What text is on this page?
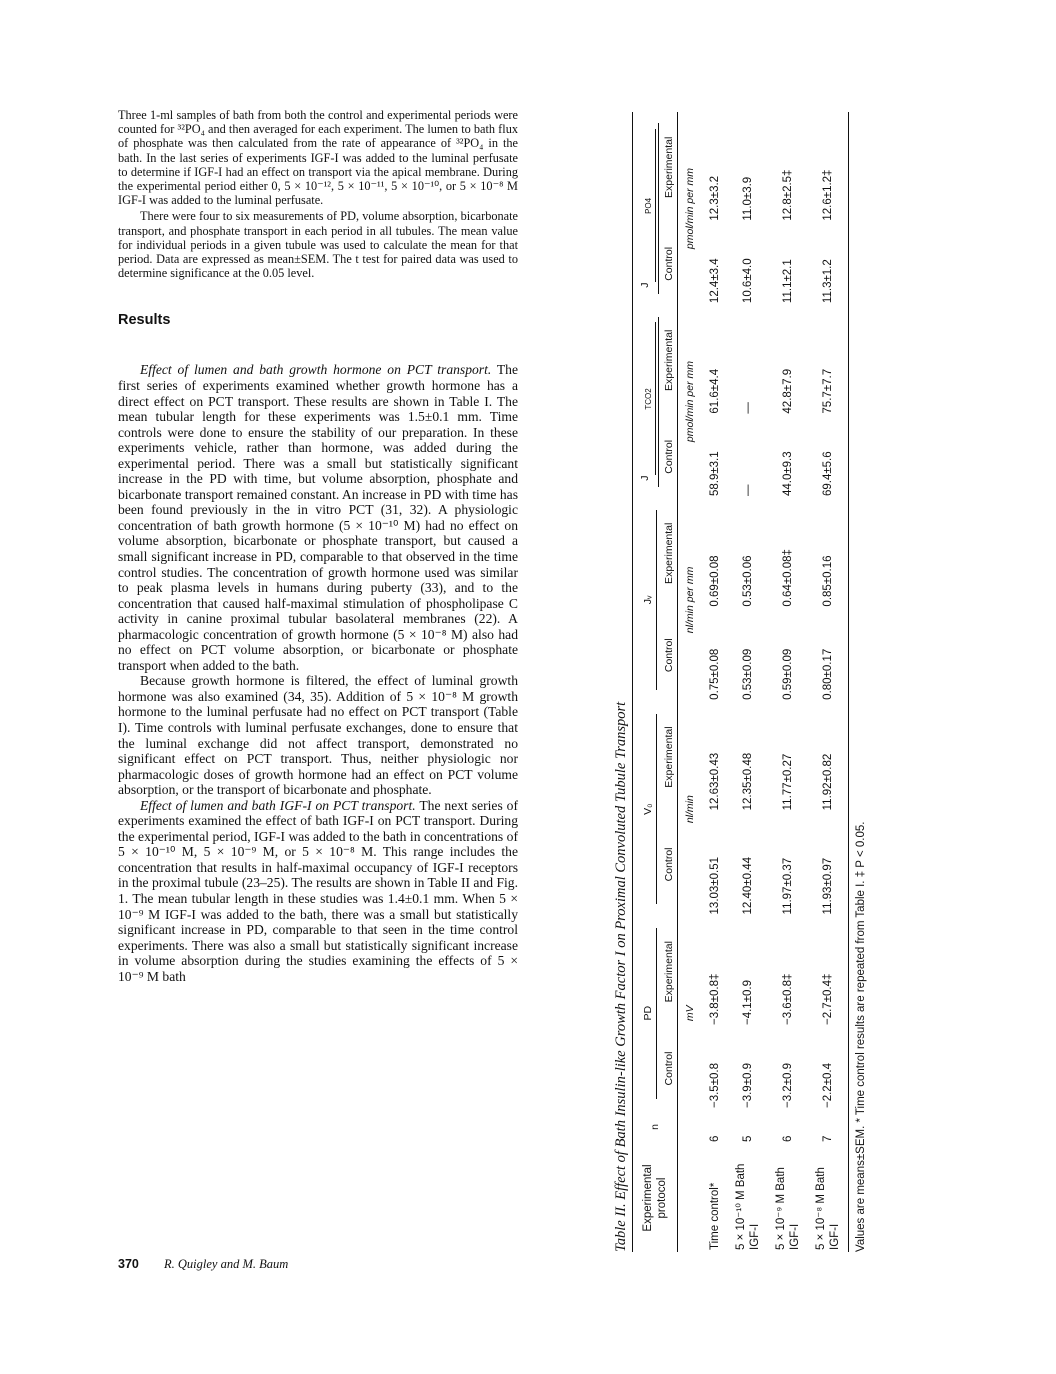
Three 1-ml samples of bath from both the control and experimental periods were counted for ³²PO₄ and then averaged for each experiment. The lumen to bath flux of phosphate was then calculated from the rate of appearance of ³²PO₄ in the bath. In the last series of experiments IGF-I was added to the luminal perfusate to determine if IGF-I had an effect on transport via the apical membrane. During the experimental period either 0, 5 × 10⁻¹², 5 × 10⁻¹¹, 5 × 10⁻¹⁰, or 5 × 10⁻⁸ M IGF-I was added to the luminal perfusate.

There were four to six measurements of PD, volume absorption, bicarbonate transport, and phosphate transport in each period in all tubules. The mean value for individual periods in a given tubule was used to calculate the mean for that period. Data are expressed as mean±SEM. The t test for paired data was used to determine significance at the 0.05 level.

Results

Effect of lumen and bath growth hormone on PCT transport. The first series of experiments examined whether growth hormone has a direct effect on PCT transport. These results are shown in Table I. The mean tubular length for these experiments was 1.5±0.1 mm. Time controls were done to ensure the stability of our preparation. In these experiments vehicle, rather than hormone, was added during the experimental period. There was a small but statistically significant increase in the PD with time, but volume absorption, phosphate and bicarbonate transport remained constant. An increase in PD with time has been found previously in the in vitro PCT (31, 32). A physiologic concentration of bath growth hormone (5 × 10⁻¹⁰ M) had no effect on volume absorption, bicarbonate or phosphate transport, but caused a small significant increase in PD, comparable to that observed in the time control studies. The concentration of growth hormone used was similar to peak plasma levels in humans during puberty (33), and to the concentration that caused half-maximal stimulation of phospholipase C activity in canine proximal tubular basolateral membranes (22). A pharmacologic concentration of growth hormone (5 × 10⁻⁸ M) also had no effect on PCT volume absorption, or bicarbonate or phosphate transport when added to the bath.

Because growth hormone is filtered, the effect of luminal growth hormone was also examined (34, 35). Addition of 5 × 10⁻⁸ M growth hormone to the luminal perfusate had no effect on PCT transport (Table I). Time controls with luminal perfusate exchanges, done to ensure that the luminal exchange did not affect transport, demonstrated no significant effect on PCT transport. Thus, neither physiologic nor pharmacologic doses of growth hormone had an effect on PCT volume absorption, or the transport of bicarbonate and phosphate.

Effect of lumen and bath IGF-I on PCT transport. The next series of experiments examined the effect of bath IGF-I on PCT transport. During the experimental period, IGF-I was added to the bath in concentrations of 5 × 10⁻¹⁰ M, 5 × 10⁻⁹ M, or 5 × 10⁻⁸ M. This range includes the concentration that results in half-maximal occupancy of IGF-I receptors in the proximal tubule (23–25). The results are shown in Table II and Fig. 1. The mean tubular length in these studies was 1.4±0.1 mm. When 5 × 10⁻⁹ M IGF-I was added to the bath, there was a small but statistically significant increase in PD, comparable to that seen in the time control experiments. There was also a small but statistically significant increase in volume absorption during the studies examining the effects of 5 × 10⁻⁹ M bath

370 R. Quigley and M. Baum
Table II. Effect of Bath Insulin-like Growth Factor I on Proximal Convoluted Tubule Transport Experimental protocol	n	PD		V₀		Jᵥ		JTCO2		JPO4	
		Control	Experimental	Control	Experimental	Control	Experimental	Control	Experimental	Control	Experimental
		mV		nl/min		nl/min per mm		pmol/min per mm		pmol/min per mm	
Time control*	6	−3.5±0.8	−3.8±0.8‡	13.03±0.51	12.63±0.43	0.75±0.08	0.69±0.08	58.9±3.1	61.6±4.4	12.4±3.4	12.3±3.2
5 × 10⁻¹⁰ M Bath IGF-I	5	−3.9±0.9	−4.1±0.9	12.40±0.44	12.35±0.48	0.53±0.09	0.53±0.06	—	—	10.6±4.0	11.0±3.9
5 × 10⁻⁹ M Bath IGF-I	6	−3.2±0.9	−3.6±0.8‡	11.97±0.37	11.77±0.27	0.59±0.09	0.64±0.08‡	44.0±9.3	42.8±7.9	11.1±2.1	12.8±2.5‡
5 × 10⁻⁸ M Bath IGF-I	7	−2.2±0.4	−2.7±0.4‡	11.93±0.97	11.92±0.82	0.80±0.17	0.85±0.16	69.4±5.6	75.7±7.7	11.3±1.2	12.6±1.2‡
Values are means±SEM. * Time control results are repeated from Table I. ‡ P < 0.05.
